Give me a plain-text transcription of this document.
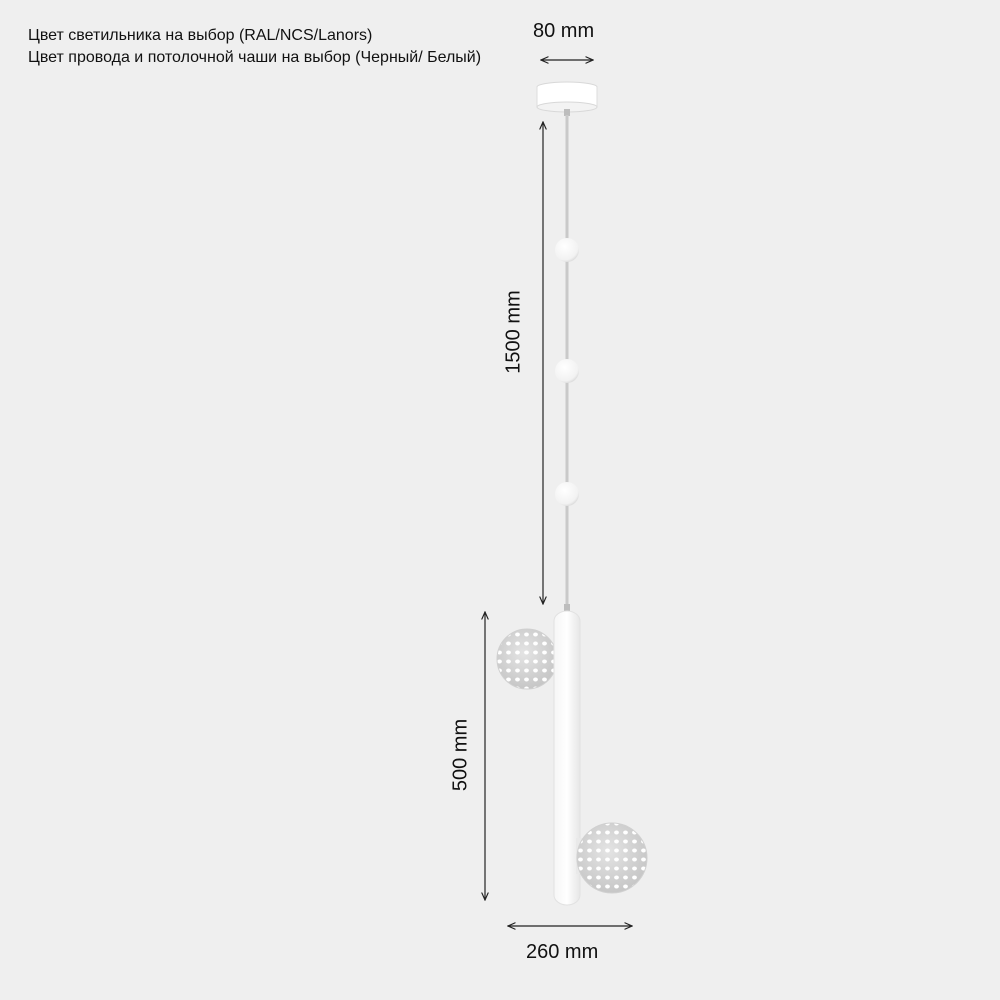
Цвет светильника на выбор (RAL/NCS/Lanors)
Цвет провода и потолочной чаши на выбор (Черный/ Белый)
80 mm
1500 mm
500 mm
260 mm
